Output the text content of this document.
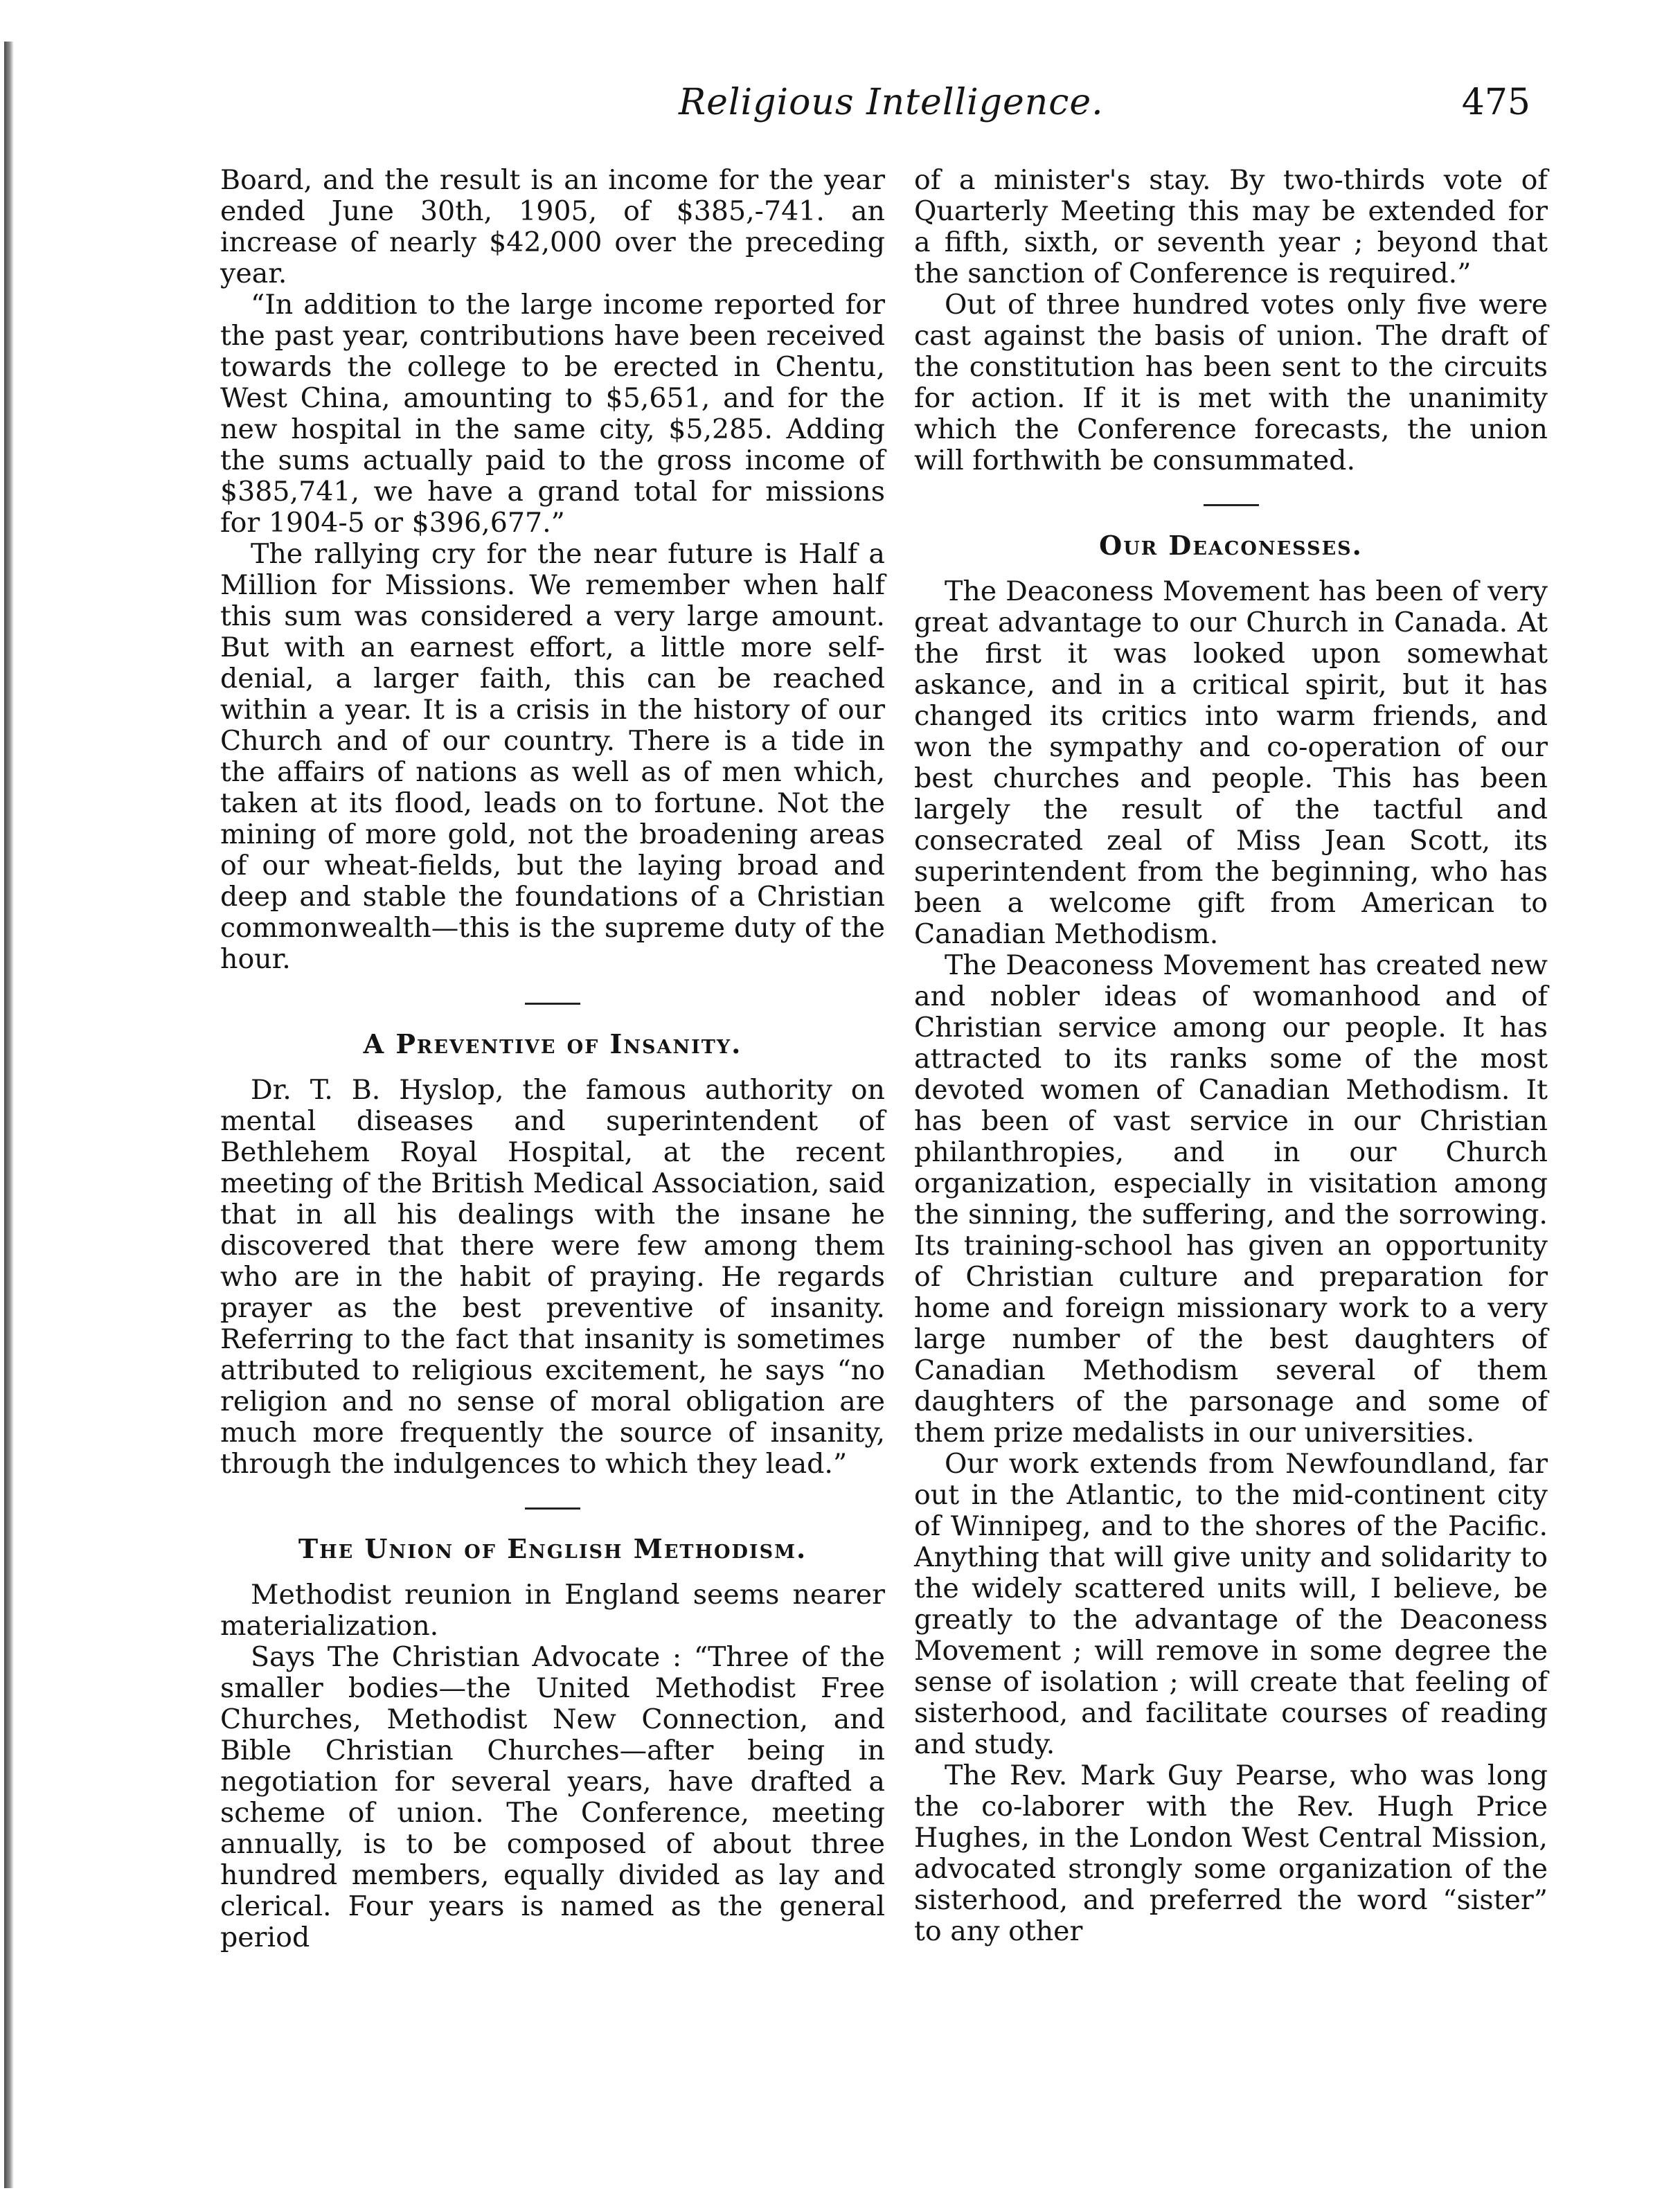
Religious Intelligence.	475

Board, and the result is an income for the year ended June 30th, 1905, of $385,-741. an increase of nearly $42,000 over the preceding year.

“In addition to the large income reported for the past year, contributions have been received towards the college to be erected in Chentu, West China, amounting to $5,651, and for the new hospital in the same city, $5,285. Adding the sums actually paid to the gross income of $385,741, we have a grand total for missions for 1904-5 or $396,677.”

The rallying cry for the near future is Half a Million for Missions. We remember when half this sum was considered a very large amount. But with an earnest effort, a little more self-denial, a larger faith, this can be reached within a year. It is a crisis in the history of our Church and of our country. There is a tide in the affairs of nations as well as of men which, taken at its flood, leads on to fortune. Not the mining of more gold, not the broadening areas of our wheat-fields, but the laying broad and deep and stable the foundations of a Christian commonwealth—this is the supreme duty of the hour.

A Preventive of Insanity.

Dr. T. B. Hyslop, the famous authority on mental diseases and superintendent of Bethlehem Royal Hospital, at the recent meeting of the British Medical Association, said that in all his dealings with the insane he discovered that there were few among them who are in the habit of praying. He regards prayer as the best preventive of insanity. Referring to the fact that insanity is sometimes attributed to religious excitement, he says “no religion and no sense of moral obligation are much more frequently the source of insanity, through the indulgences to which they lead.”

The Union of English Methodism.

Methodist reunion in England seems nearer materialization.

Says The Christian Advocate : “Three of the smaller bodies—the United Methodist Free Churches, Methodist New Connection, and Bible Christian Churches—after being in negotiation for several years, have drafted a scheme of union. The Conference, meeting annually, is to be composed of about three hundred members, equally divided as lay and clerical. Four years is named as the general period

of a minister's stay. By two-thirds vote of Quarterly Meeting this may be extended for a fifth, sixth, or seventh year ; beyond that the sanction of Conference is required.”

Out of three hundred votes only five were cast against the basis of union. The draft of the constitution has been sent to the circuits for action. If it is met with the unanimity which the Conference forecasts, the union will forthwith be consummated.

Our Deaconesses.

The Deaconess Movement has been of very great advantage to our Church in Canada. At the first it was looked upon somewhat askance, and in a critical spirit, but it has changed its critics into warm friends, and won the sympathy and co-operation of our best churches and people. This has been largely the result of the tactful and consecrated zeal of Miss Jean Scott, its superintendent from the beginning, who has been a welcome gift from American to Canadian Methodism.

The Deaconess Movement has created new and nobler ideas of womanhood and of Christian service among our people. It has attracted to its ranks some of the most devoted women of Canadian Methodism. It has been of vast service in our Christian philanthropies, and in our Church organization, especially in visitation among the sinning, the suffering, and the sorrowing. Its training-school has given an opportunity of Christian culture and preparation for home and foreign missionary work to a very large number of the best daughters of Canadian Methodism several of them daughters of the parsonage and some of them prize medalists in our universities.

Our work extends from Newfoundland, far out in the Atlantic, to the mid-continent city of Winnipeg, and to the shores of the Pacific. Anything that will give unity and solidarity to the widely scattered units will, I believe, be greatly to the advantage of the Deaconess Movement ; will remove in some degree the sense of isolation ; will create that feeling of sisterhood, and facilitate courses of reading and study.

The Rev. Mark Guy Pearse, who was long the co-laborer with the Rev. Hugh Price Hughes, in the London West Central Mission, advocated strongly some organization of the sisterhood, and preferred the word “sister” to any other
